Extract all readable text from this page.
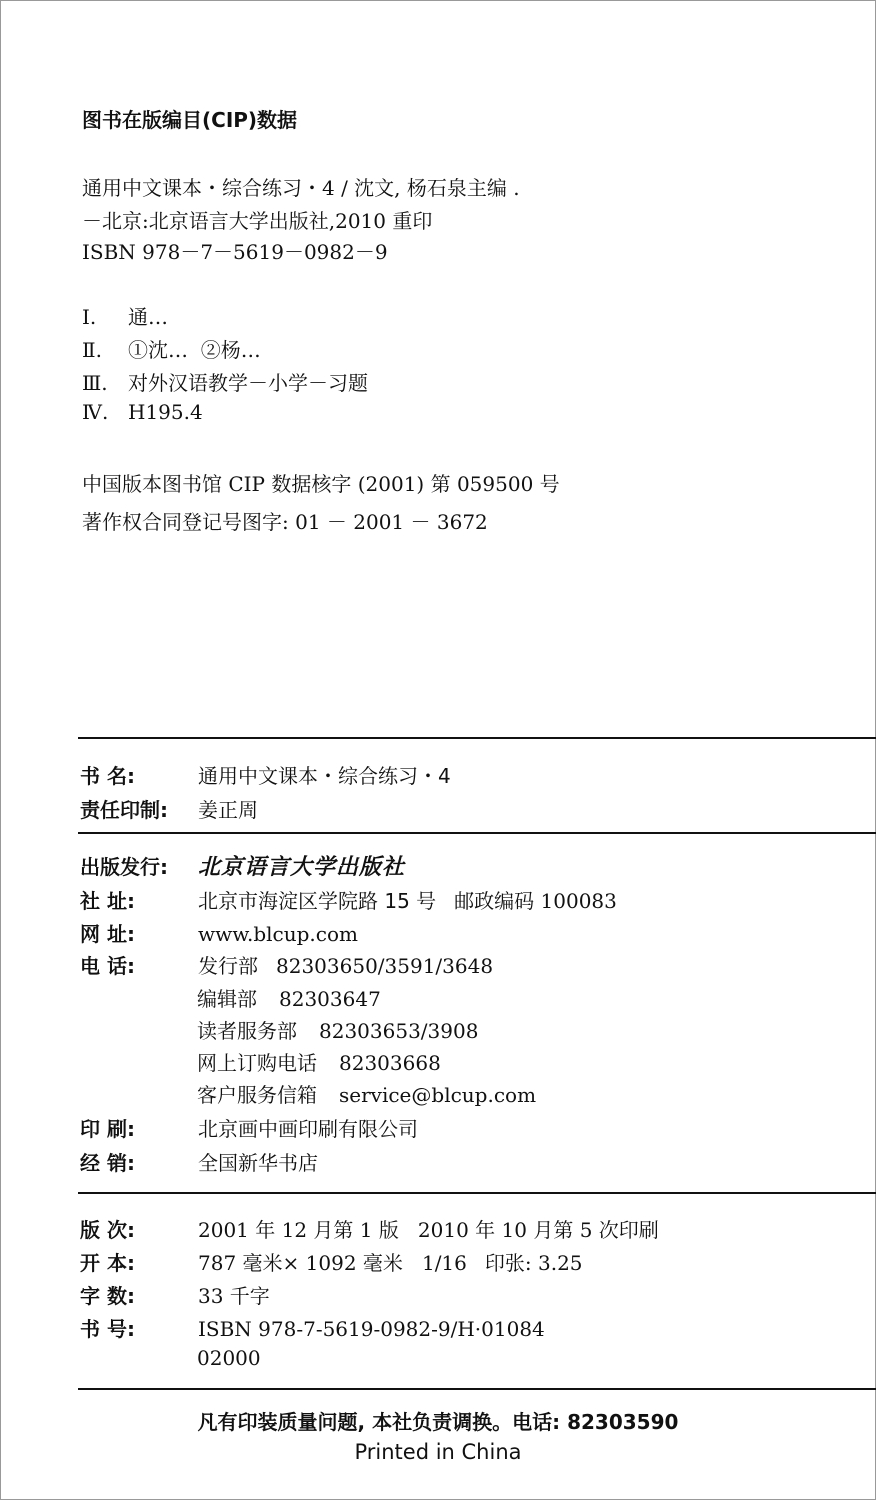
图书在版编目(CIP)数据
通用中文课本・综合练习・4 / 沈文, 杨石泉主编 .
－北京:北京语言大学出版社,2010 重印
ISBN 978－7－5619－0982－9
Ⅰ. 通…
Ⅱ. ①沈…  ②杨…
Ⅲ. 对外汉语教学－小学－习题
Ⅳ. H195.4
中国版本图书馆 CIP 数据核字 (2001) 第 059500 号
著作权合同登记号图字: 01 － 2001 － 3672
书 名:	通用中文课本・综合练习・4
责任印制:	姜正周
出版发行:	北京语言大学出版社
社 址:	北京市海淀区学院路 15 号 邮政编码 100083
网 址:	www.blcup.com
电 话:	发行部 82303650/3591/3648
编辑部 82303647
读者服务部 82303653/3908
网上订购电话 82303668
客户服务信箱 service@blcup.com
印 刷:	北京画中画印刷有限公司
经 销:	全国新华书店
版 次:	2001 年 12 月第 1 版   2010 年 10 月第 5 次印刷
开 本:	787 毫米× 1092 毫米   1/16 印张: 3.25
字 数:	33 千字
书 号:	ISBN 978-7-5619-0982-9/H·01084
02000
凡有印装质量问题, 本社负责调换。电话: 82303590
Printed in China
